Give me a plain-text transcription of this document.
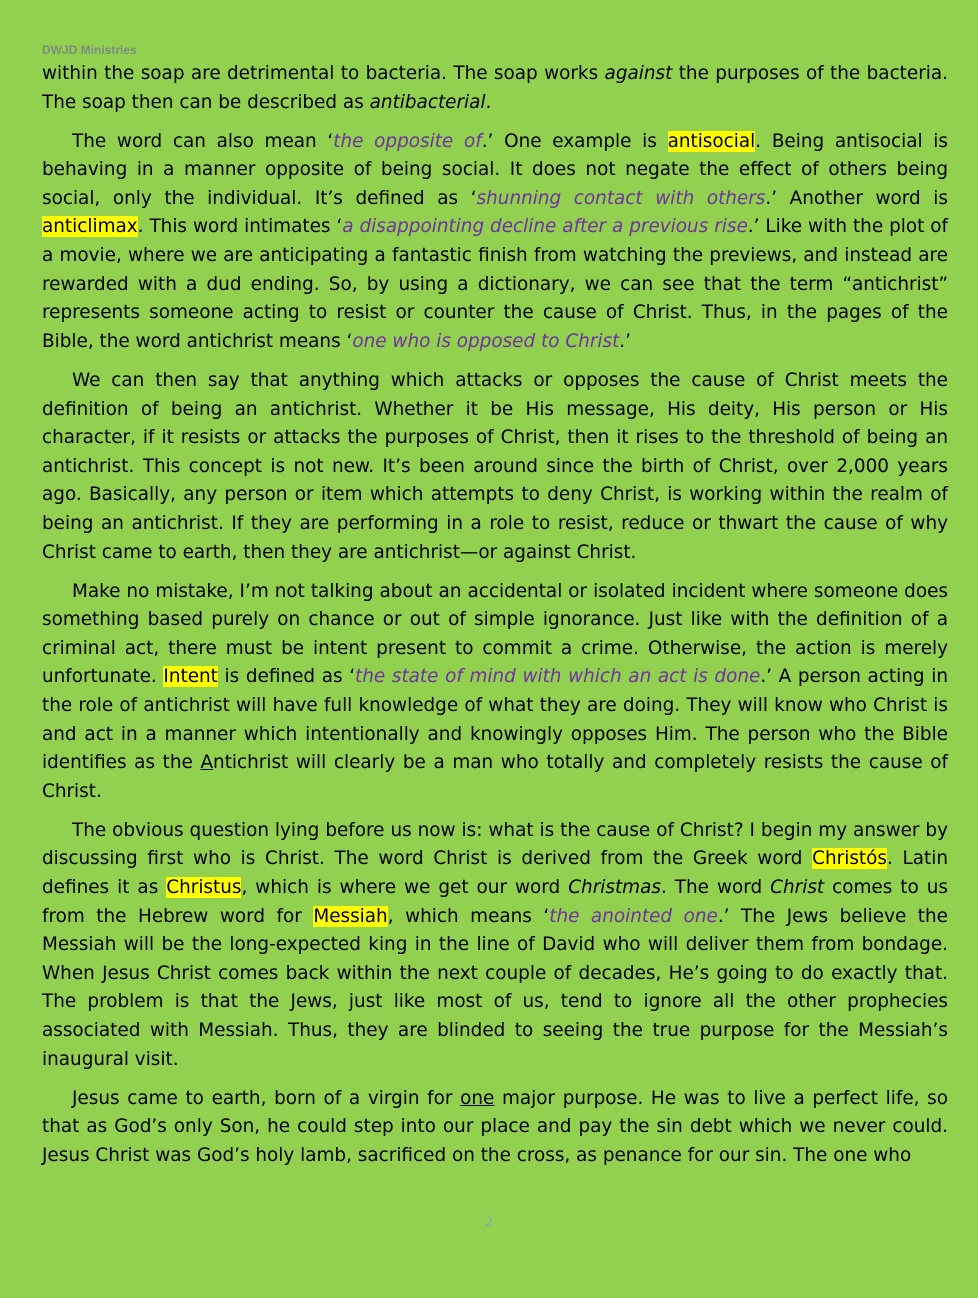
DWJD Ministries

within the soap are detrimental to bacteria. The soap works against the purposes of the bacteria. The soap then can be described as antibacterial.

The word can also mean ‘the opposite of.’ One example is antisocial. Being antisocial is behaving in a manner opposite of being social. It does not negate the effect of others being social, only the individual. It’s defined as ‘shunning contact with others.’ Another word is anticlimax. This word intimates ‘a disappointing decline after a previous rise.’ Like with the plot of a movie, where we are anticipating a fantastic finish from watching the previews, and instead are rewarded with a dud ending. So, by using a dictionary, we can see that the term “antichrist” represents someone acting to resist or counter the cause of Christ. Thus, in the pages of the Bible, the word antichrist means ‘one who is opposed to Christ.’

We can then say that anything which attacks or opposes the cause of Christ meets the definition of being an antichrist. Whether it be His message, His deity, His person or His character, if it resists or attacks the purposes of Christ, then it rises to the threshold of being an antichrist. This concept is not new. It’s been around since the birth of Christ, over 2,000 years ago. Basically, any person or item which attempts to deny Christ, is working within the realm of being an antichrist. If they are performing in a role to resist, reduce or thwart the cause of why Christ came to earth, then they are antichrist—or against Christ.

Make no mistake, I’m not talking about an accidental or isolated incident where someone does something based purely on chance or out of simple ignorance. Just like with the definition of a criminal act, there must be intent present to commit a crime. Otherwise, the action is merely unfortunate. Intent is defined as ‘the state of mind with which an act is done.’ A person acting in the role of antichrist will have full knowledge of what they are doing. They will know who Christ is and act in a manner which intentionally and knowingly opposes Him. The person who the Bible identifies as the Antichrist will clearly be a man who totally and completely resists the cause of Christ.

The obvious question lying before us now is: what is the cause of Christ? I begin my answer by discussing first who is Christ. The word Christ is derived from the Greek word Christós. Latin defines it as Christus, which is where we get our word Christmas. The word Christ comes to us from the Hebrew word for Messiah, which means ‘the anointed one.’ The Jews believe the Messiah will be the long-expected king in the line of David who will deliver them from bondage. When Jesus Christ comes back within the next couple of decades, He’s going to do exactly that. The problem is that the Jews, just like most of us, tend to ignore all the other prophecies associated with Messiah. Thus, they are blinded to seeing the true purpose for the Messiah’s inaugural visit.

Jesus came to earth, born of a virgin for one major purpose. He was to live a perfect life, so that as God’s only Son, he could step into our place and pay the sin debt which we never could. Jesus Christ was God’s holy lamb, sacrificed on the cross, as penance for our sin. The one who

2
